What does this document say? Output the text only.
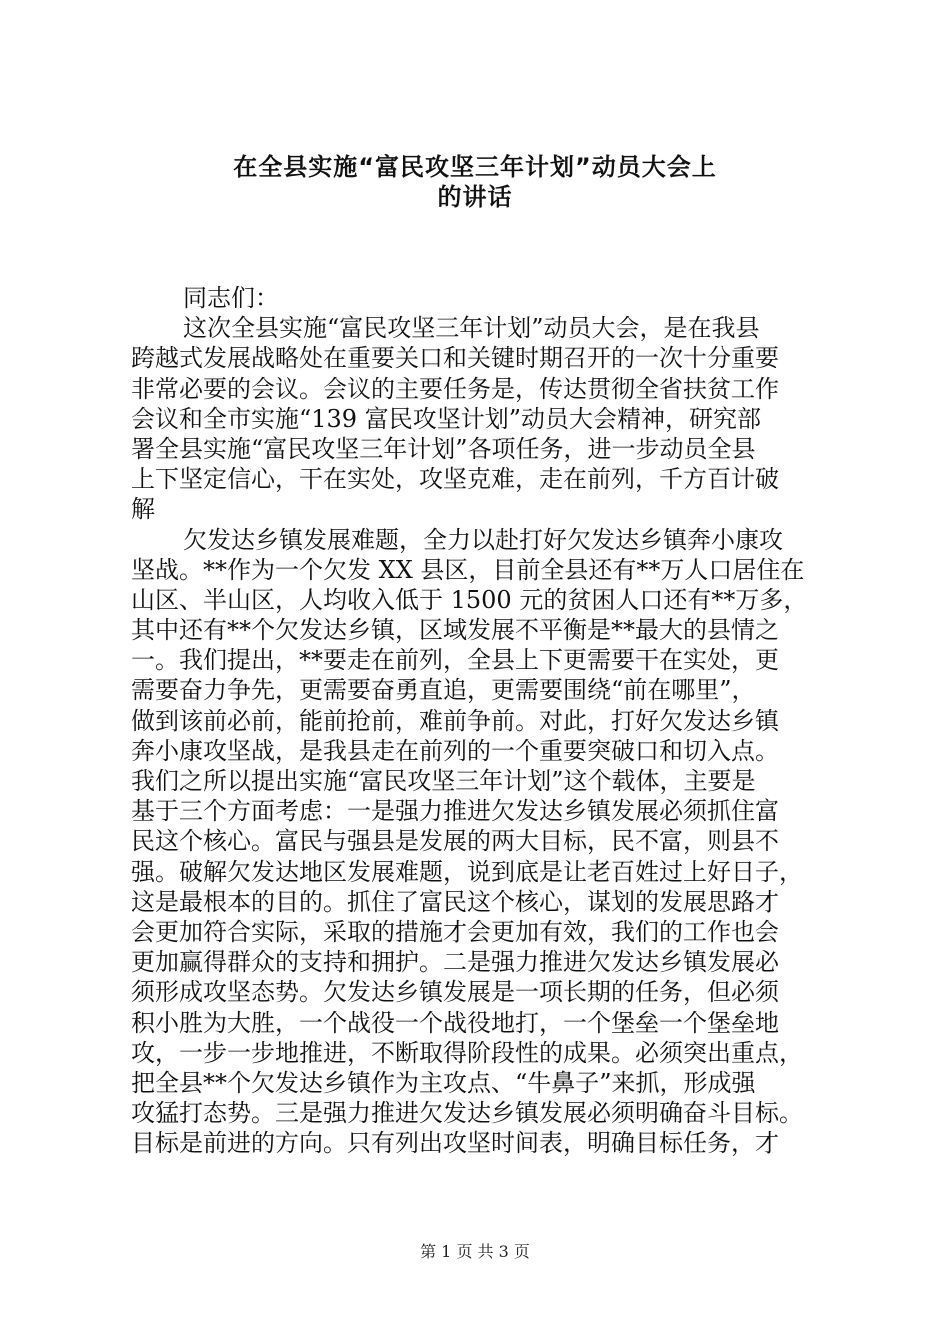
在全县实施“富民攻坚三年计划”动员大会上
的讲话
同志们：
这次全县实施“富民攻坚三年计划”动员大会，是在我县
跨越式发展战略处在重要关口和关键时期召开的一次十分重要
非常必要的会议。会议的主要任务是，传达贯彻全省扶贫工作
会议和全市实施“139 富民攻坚计划”动员大会精神，研究部
署全县实施“富民攻坚三年计划”各项任务，进一步动员全县
上下坚定信心，干在实处，攻坚克难，走在前列，千方百计破
解
欠发达乡镇发展难题，全力以赴打好欠发达乡镇奔小康攻
坚战。**作为一个欠发 XX 县区，目前全县还有**万人口居住在
山区、半山区，人均收入低于 1500 元的贫困人口还有**万多，
其中还有**个欠发达乡镇，区域发展不平衡是**最大的县情之
一。我们提出，**要走在前列，全县上下更需要干在实处，更
需要奋力争先，更需要奋勇直追，更需要围绕“前在哪里”，
做到该前必前，能前抢前，难前争前。对此，打好欠发达乡镇
奔小康攻坚战，是我县走在前列的一个重要突破口和切入点。
我们之所以提出实施“富民攻坚三年计划”这个载体，主要是
基于三个方面考虑：一是强力推进欠发达乡镇发展必须抓住富
民这个核心。富民与强县是发展的两大目标，民不富，则县不
强。破解欠发达地区发展难题，说到底是让老百姓过上好日子，
这是最根本的目的。抓住了富民这个核心，谋划的发展思路才
会更加符合实际，采取的措施才会更加有效，我们的工作也会
更加赢得群众的支持和拥护。二是强力推进欠发达乡镇发展必
须形成攻坚态势。欠发达乡镇发展是一项长期的任务，但必须
积小胜为大胜，一个战役一个战役地打，一个堡垒一个堡垒地
攻，一步一步地推进，不断取得阶段性的成果。必须突出重点，
把全县**个欠发达乡镇作为主攻点、“牛鼻子”来抓，形成强
攻猛打态势。三是强力推进欠发达乡镇发展必须明确奋斗目标。
目标是前进的方向。只有列出攻坚时间表，明确目标任务，才
第 1 页 共 3 页
